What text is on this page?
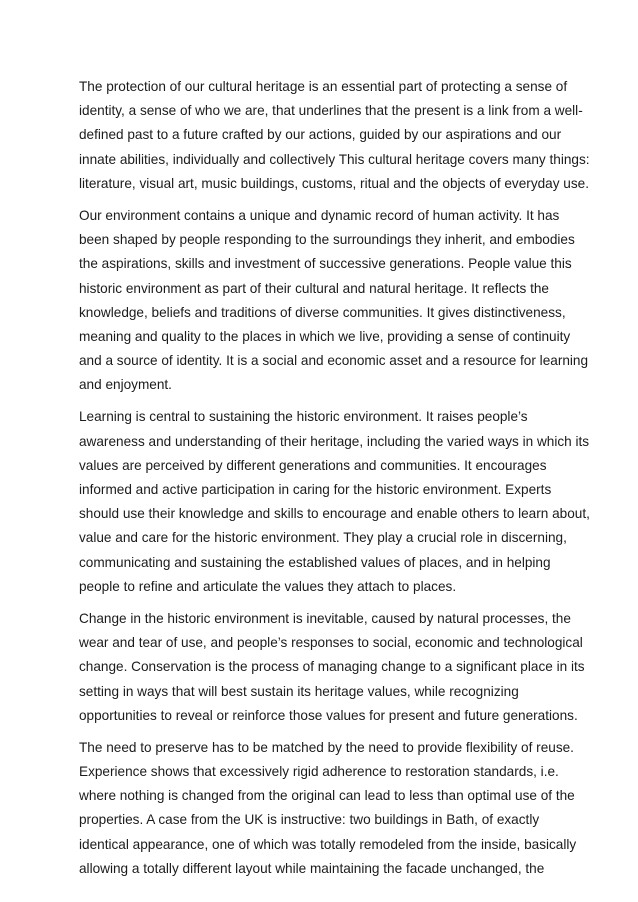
The protection of our cultural heritage is an essential part of protecting a sense of
identity, a sense of who we are, that underlines that the present is a link from a well-
defined past to a future crafted by our actions, guided by our aspirations and our
innate abilities, individually and collectively This cultural heritage covers many things:
literature, visual art, music buildings, customs, ritual and the objects of everyday use.

Our environment contains a unique and dynamic record of human activity. It has
been shaped by people responding to the surroundings they inherit, and embodies
the aspirations, skills and investment of successive generations. People value this
historic environment as part of their cultural and natural heritage. It reflects the
knowledge, beliefs and traditions of diverse communities. It gives distinctiveness,
meaning and quality to the places in which we live, providing a sense of continuity
and a source of identity. It is a social and economic asset and a resource for learning
and enjoyment.

Learning is central to sustaining the historic environment. It raises people’s
awareness and understanding of their heritage, including the varied ways in which its
values are perceived by different generations and communities. It encourages
informed and active participation in caring for the historic environment. Experts
should use their knowledge and skills to encourage and enable others to learn about,
value and care for the historic environment. They play a crucial role in discerning,
communicating and sustaining the established values of places, and in helping
people to refine and articulate the values they attach to places.

Change in the historic environment is inevitable, caused by natural processes, the
wear and tear of use, and people’s responses to social, economic and technological
change. Conservation is the process of managing change to a significant place in its
setting in ways that will best sustain its heritage values, while recognizing
opportunities to reveal or reinforce those values for present and future generations.

The need to preserve has to be matched by the need to provide flexibility of reuse.
Experience shows that excessively rigid adherence to restoration standards, i.e.
where nothing is changed from the original can lead to less than optimal use of the
properties. A case from the UK is instructive: two buildings in Bath, of exactly
identical appearance, one of which was totally remodeled from the inside, basically
allowing a totally different layout while maintaining the facade unchanged, the
